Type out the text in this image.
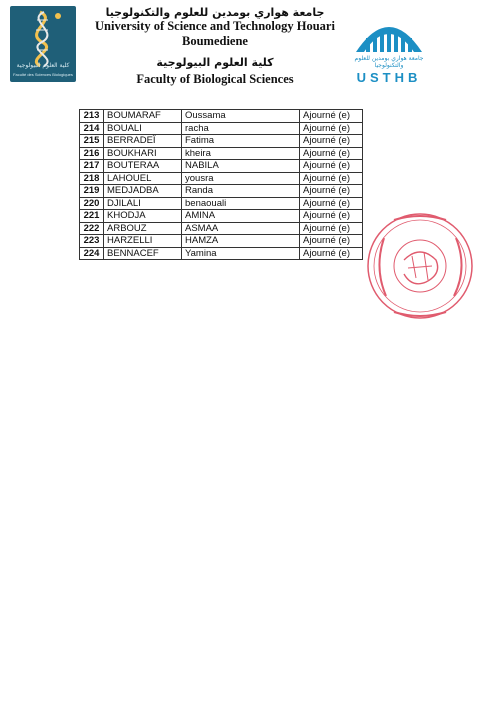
كلية العلوم البيولوجية
Faculté des Sciences Biologiques
جامعة هواري بومدين للعلوم والتكنولوجيا
University of Science and Technology Houari
Boumediene
كلية العلوم البيولوجية
Faculty of Biological Sciences
جامعة هواري بومدين للعلوم والتكنولوجيا
USTHB
213	BOUMARAF	Oussama	Ajourné (e)
214	BOUALI	racha	Ajourné (e)
215	BERRADEÏ	Fatima	Ajourné (e)
216	BOUKHARI	kheira	Ajourné (e)
217	BOUTERAA	NABILA	Ajourné (e)
218	LAHOUEL	yousra	Ajourné (e)
219	MEDJADBA	Randa	Ajourné (e)
220	DJILALI	benaouali	Ajourné (e)
221	KHODJA	AMINA	Ajourné (e)
222	ARBOUZ	ASMAA	Ajourné (e)
223	HARZELLI	HAMZA	Ajourné (e)
224	BENNACEF	Yamina	Ajourné (e)
